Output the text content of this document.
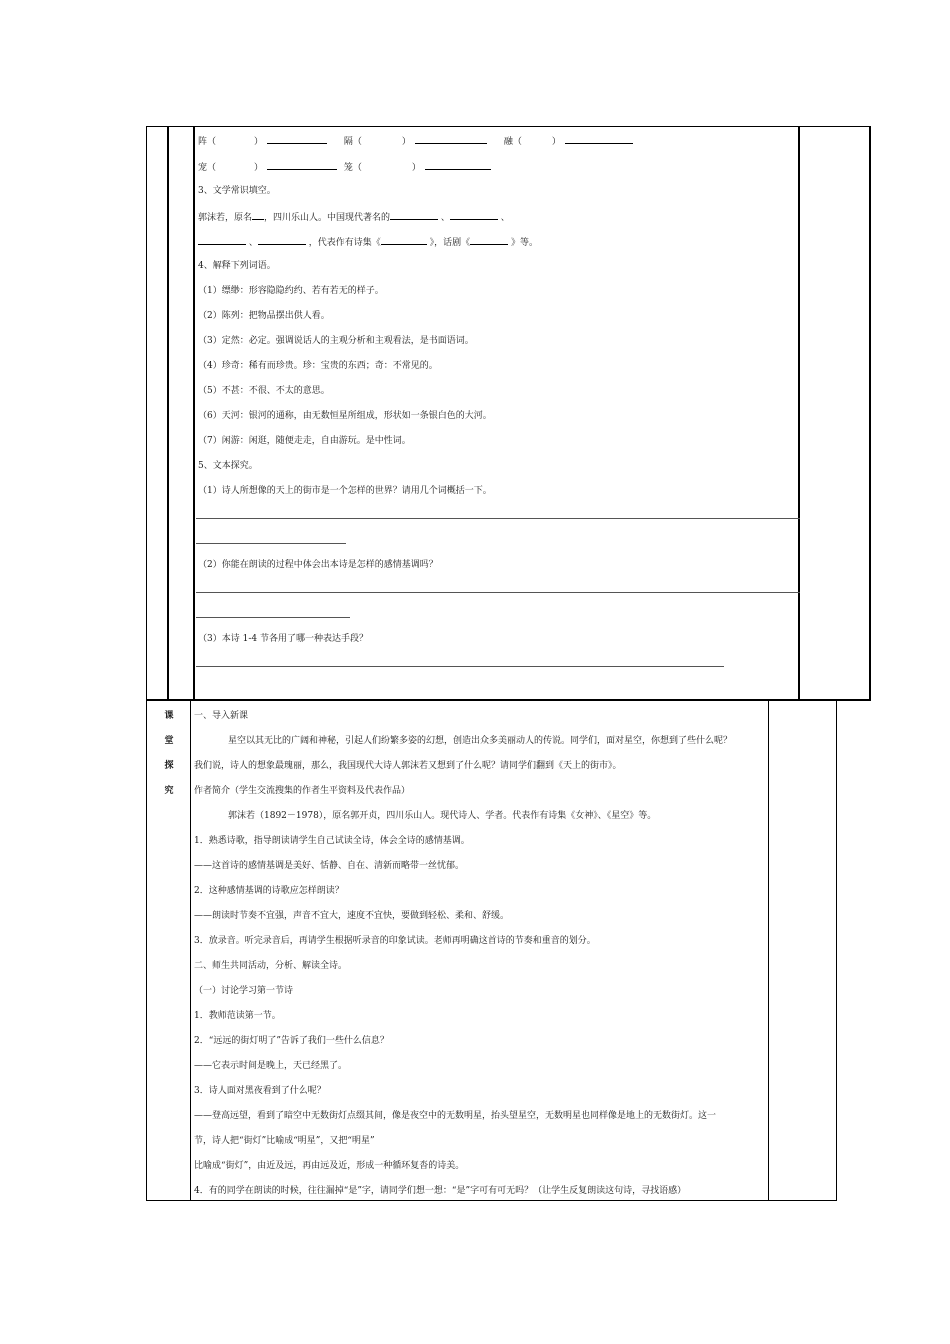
阵（	）	隔（	）	融（	）
宠（	）	笼（	）
3、文学常识填空。
郭沫若，原名 ，四川乐山人。中国现代著名的	、	、
、	，代表作有诗集《	》，话剧《	》等。
4、解释下列词语。
（1）缥缈：形容隐隐约约、若有若无的样子。
（2）陈列：把物品摆出供人看。
（3）定然：必定。强调说话人的主观分析和主观看法，是书面语词。
（4）珍奇：稀有而珍贵。珍：宝贵的东西；奇：不常见的。
（5）不甚：不很、不太的意思。
（6）天河：银河的通称，由无数恒星所组成，形状如一条银白色的大河。
（7）闲游：闲逛，随便走走，自由游玩。是中性词。
5、文本探究。
（1）诗人所想像的天上的街市是一个怎样的世界？请用几个词概括一下。
（2）你能在朗读的过程中体会出本诗是怎样的感情基调吗？
（3）本诗 1-4 节各用了哪一种表达手段？
课
堂
探
究
一、导入新课
星空以其无比的广阔和神秘，引起人们纷繁多姿的幻想，创造出众多美丽动人的传说。同学们，面对星空，你想到了些什么呢？
我们说，诗人的想象最瑰丽，那么，我国现代大诗人郭沫若又想到了什么呢？请同学们翻到《天上的街市》。
作者简介（学生交流搜集的作者生平资料及代表作品）
郭沫若（1892－1978），原名郭开贞，四川乐山人。现代诗人、学者。代表作有诗集《女神》、《星空》等。
1．熟悉诗歌，指导朗读请学生自己试读全诗，体会全诗的感情基调。
——这首诗的感情基调是美好、恬静、自在、清新而略带一丝忧郁。
2．这种感情基调的诗歌应怎样朗读？
——朗读时节奏不宜强，声音不宜大，速度不宜快，要做到轻松、柔和、舒缓。
3．放录音。听完录音后，再请学生根据听录音的印象试读。老师再明确这首诗的节奏和重音的划分。
二、师生共同活动，分析、解读全诗。
（一）讨论学习第一节诗
1．教师范读第一节。
2．“远远的街灯明了”告诉了我们一些什么信息？
——它表示时间是晚上，天已经黑了。
3．诗人面对黑夜看到了什么呢？
——登高远望，看到了暗空中无数街灯点缀其间，像是夜空中的无数明星，抬头望星空，无数明星也同样像是地上的无数街灯。这一
节，诗人把“街灯”比喻成“明星”，又把“明星”
比喻成“街灯”，由近及远，再由远及近，形成一种循环复沓的诗美。
4．有的同学在朗读的时候，往往漏掉“是”字，请同学们想一想：“是”字可有可无吗？（让学生反复朗读这句诗，寻找语感）
